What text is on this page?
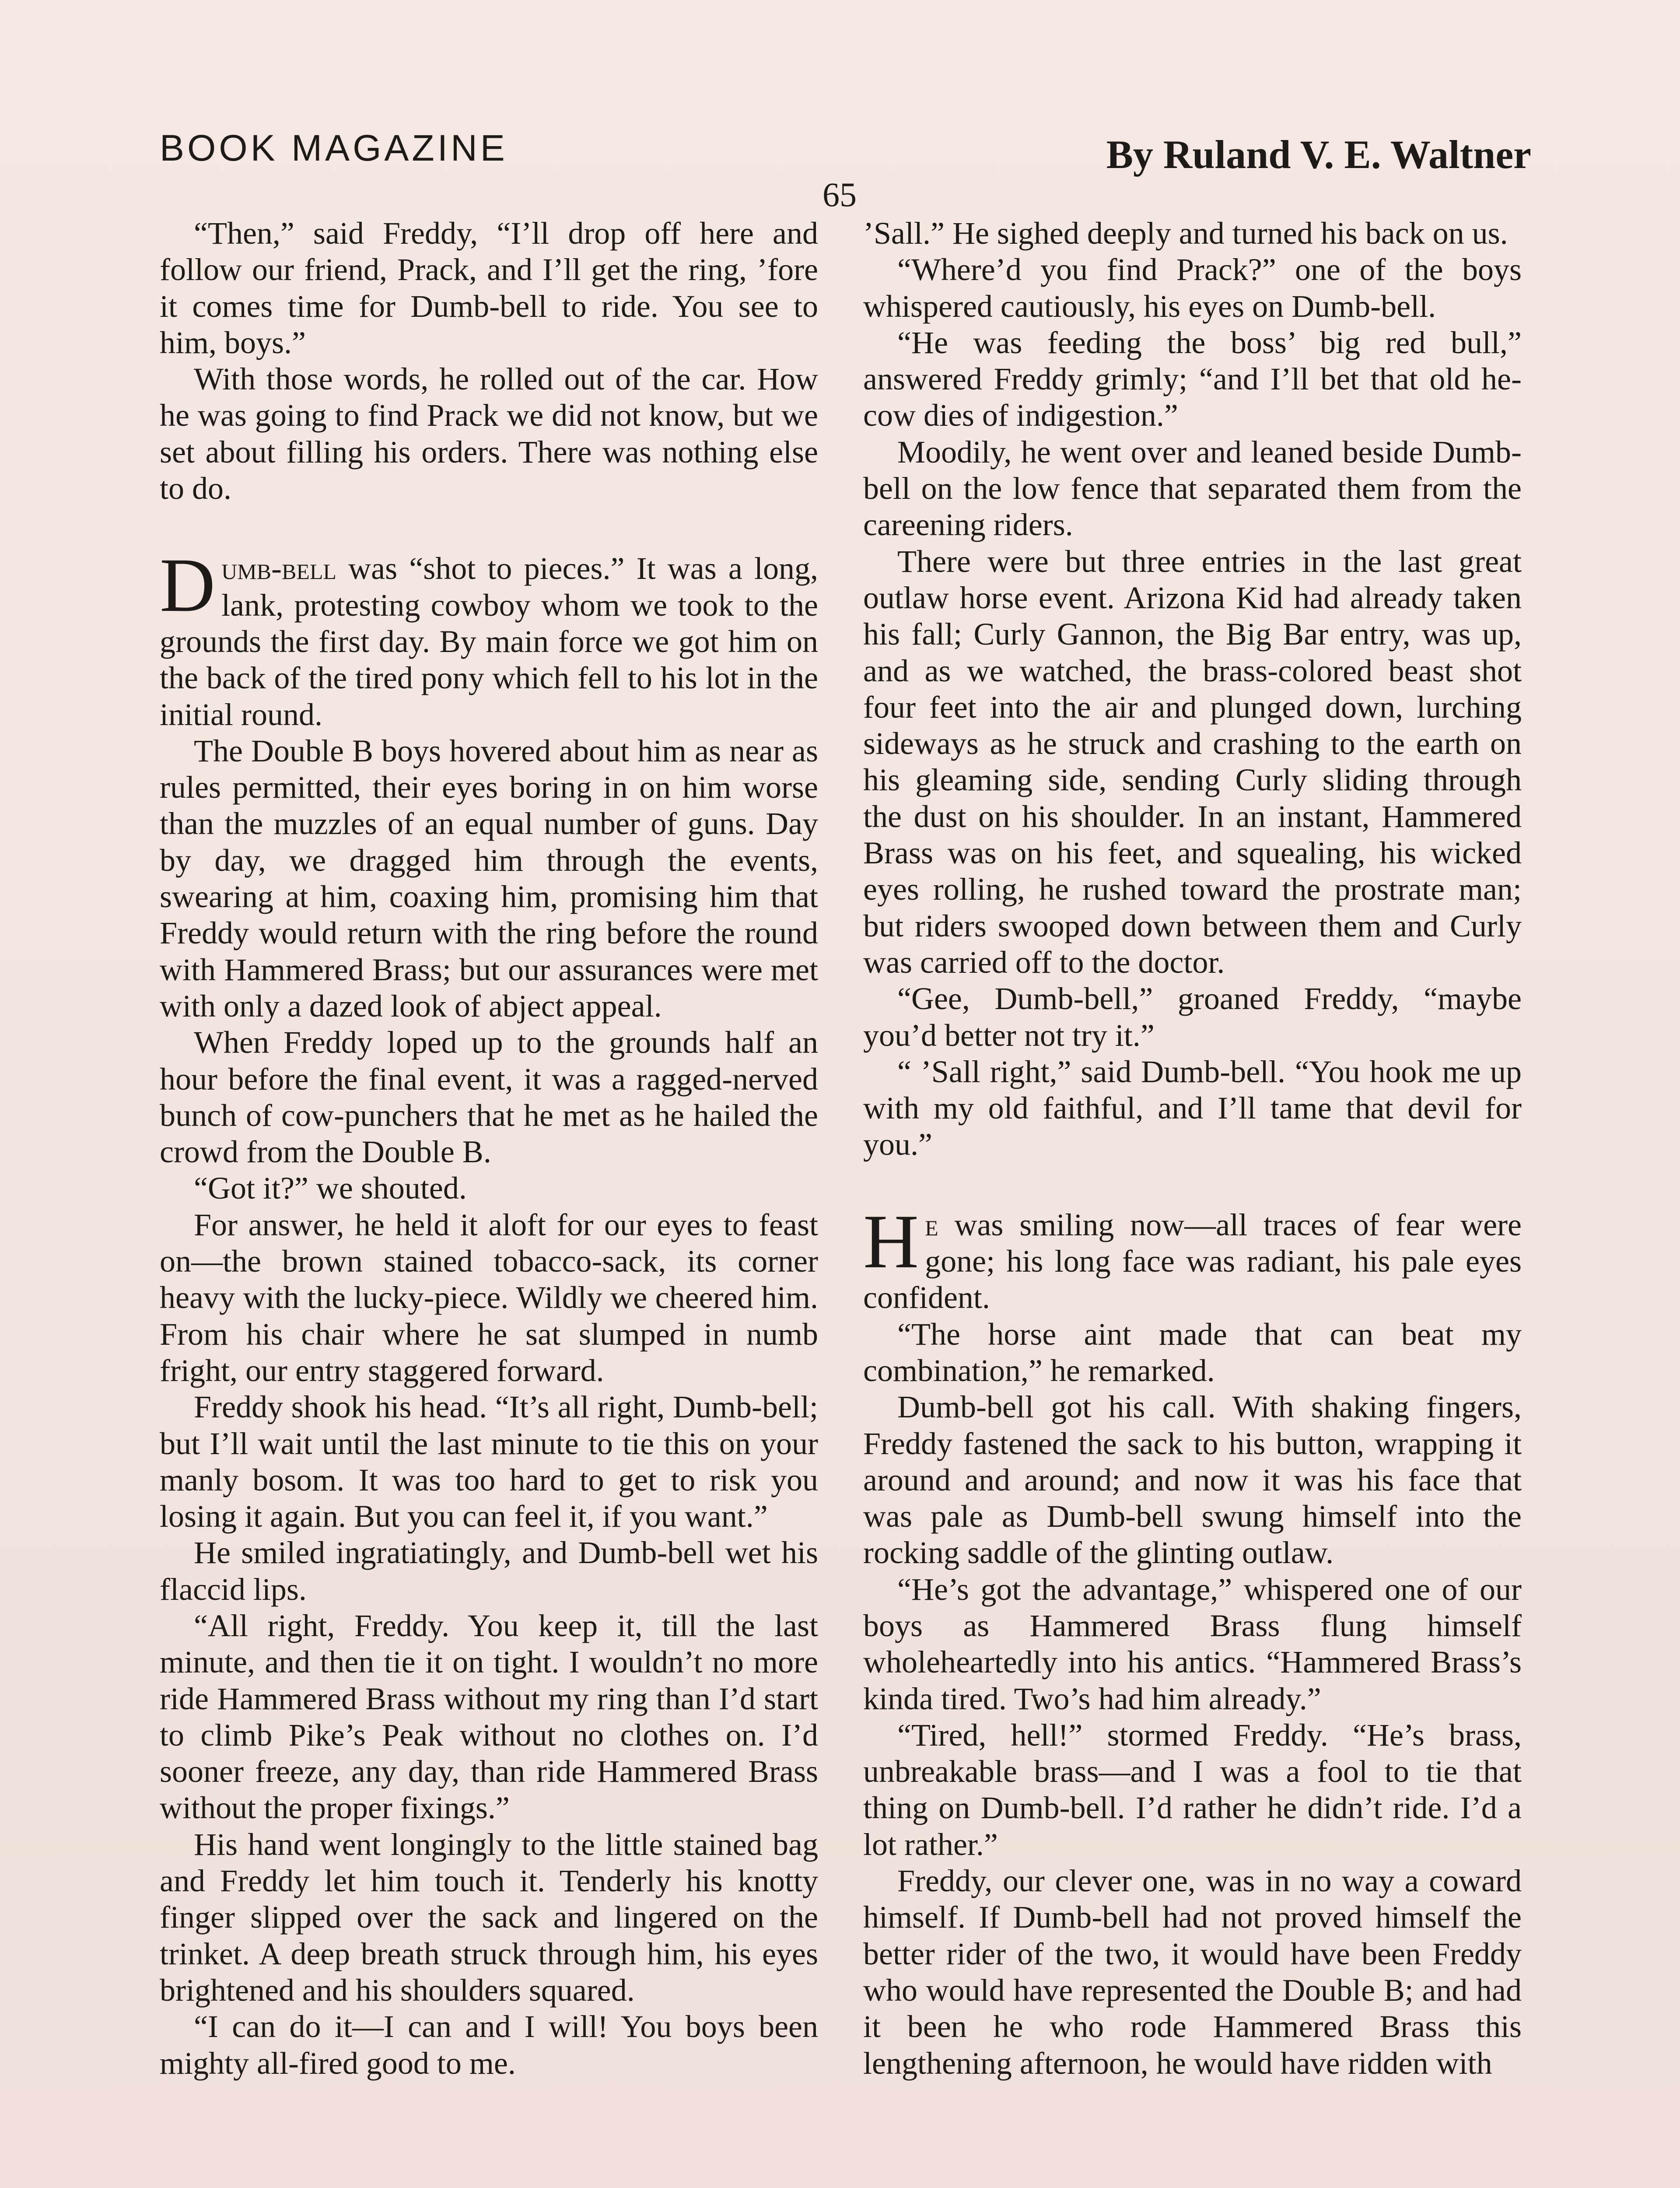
BOOK MAGAZINE	By Ruland V. E. Waltner
65

“Then,” said Freddy, “I’ll drop off here and follow our friend, Prack, and I’ll get the ring, ’fore it comes time for Dumb-bell to ride. You see to him, boys.”

With those words, he rolled out of the car. How he was going to find Prack we did not know, but we set about filling his orders. There was nothing else to do.

Dumb-bell was “shot to pieces.” It was a long, lank, protesting cowboy whom we took to the grounds the first day. By main force we got him on the back of the tired pony which fell to his lot in the initial round.

The Double B boys hovered about him as near as rules permitted, their eyes boring in on him worse than the muzzles of an equal number of guns. Day by day, we dragged him through the events, swearing at him, coaxing him, promising him that Freddy would return with the ring before the round with Hammered Brass; but our assurances were met with only a dazed look of abject appeal.

When Freddy loped up to the grounds half an hour before the final event, it was a ragged-nerved bunch of cow-punchers that he met as he hailed the crowd from the Double B.

“Got it?” we shouted.

For answer, he held it aloft for our eyes to feast on—the brown stained tobacco-sack, its corner heavy with the lucky-piece. Wildly we cheered him. From his chair where he sat slumped in numb fright, our entry staggered forward.

Freddy shook his head. “It’s all right, Dumb-bell; but I’ll wait until the last minute to tie this on your manly bosom. It was too hard to get to risk you losing it again. But you can feel it, if you want.”

He smiled ingratiatingly, and Dumb-bell wet his flaccid lips.

“All right, Freddy. You keep it, till the last minute, and then tie it on tight. I wouldn’t no more ride Hammered Brass without my ring than I’d start to climb Pike’s Peak without no clothes on. I’d sooner freeze, any day, than ride Hammered Brass without the proper fixings.”

His hand went longingly to the little stained bag and Freddy let him touch it. Tenderly his knotty finger slipped over the sack and lingered on the trinket. A deep breath struck through him, his eyes brightened and his shoulders squared.

“I can do it—I can and I will! You boys been mighty all-fired good to me.

’Sall.” He sighed deeply and turned his back on us.

“Where’d you find Prack?” one of the boys whispered cautiously, his eyes on Dumb-bell.

“He was feeding the boss’ big red bull,” answered Freddy grimly; “and I’ll bet that old he-cow dies of indigestion.”

Moodily, he went over and leaned beside Dumb-bell on the low fence that separated them from the careening riders.

There were but three entries in the last great outlaw horse event. Arizona Kid had already taken his fall; Curly Gannon, the Big Bar entry, was up, and as we watched, the brass-colored beast shot four feet into the air and plunged down, lurching sideways as he struck and crashing to the earth on his gleaming side, sending Curly sliding through the dust on his shoulder. In an instant, Hammered Brass was on his feet, and squealing, his wicked eyes rolling, he rushed toward the prostrate man; but riders swooped down between them and Curly was carried off to the doctor.

“Gee, Dumb-bell,” groaned Freddy, “maybe you’d better not try it.”

“ ’Sall right,” said Dumb-bell. “You hook me up with my old faithful, and I’ll tame that devil for you.”

He was smiling now—all traces of fear were gone; his long face was radiant, his pale eyes confident.

“The horse aint made that can beat my combination,” he remarked.

Dumb-bell got his call. With shaking fingers, Freddy fastened the sack to his button, wrapping it around and around; and now it was his face that was pale as Dumb-bell swung himself into the rocking saddle of the glinting outlaw.

“He’s got the advantage,” whispered one of our boys as Hammered Brass flung himself wholeheartedly into his antics. “Hammered Brass’s kinda tired. Two’s had him already.”

“Tired, hell!” stormed Freddy. “He’s brass, unbreakable brass—and I was a fool to tie that thing on Dumb-bell. I’d rather he didn’t ride. I’d a lot rather.”

Freddy, our clever one, was in no way a coward himself. If Dumb-bell had not proved himself the better rider of the two, it would have been Freddy who would have represented the Double B; and had it been he who rode Hammered Brass this lengthening afternoon, he would have ridden with
